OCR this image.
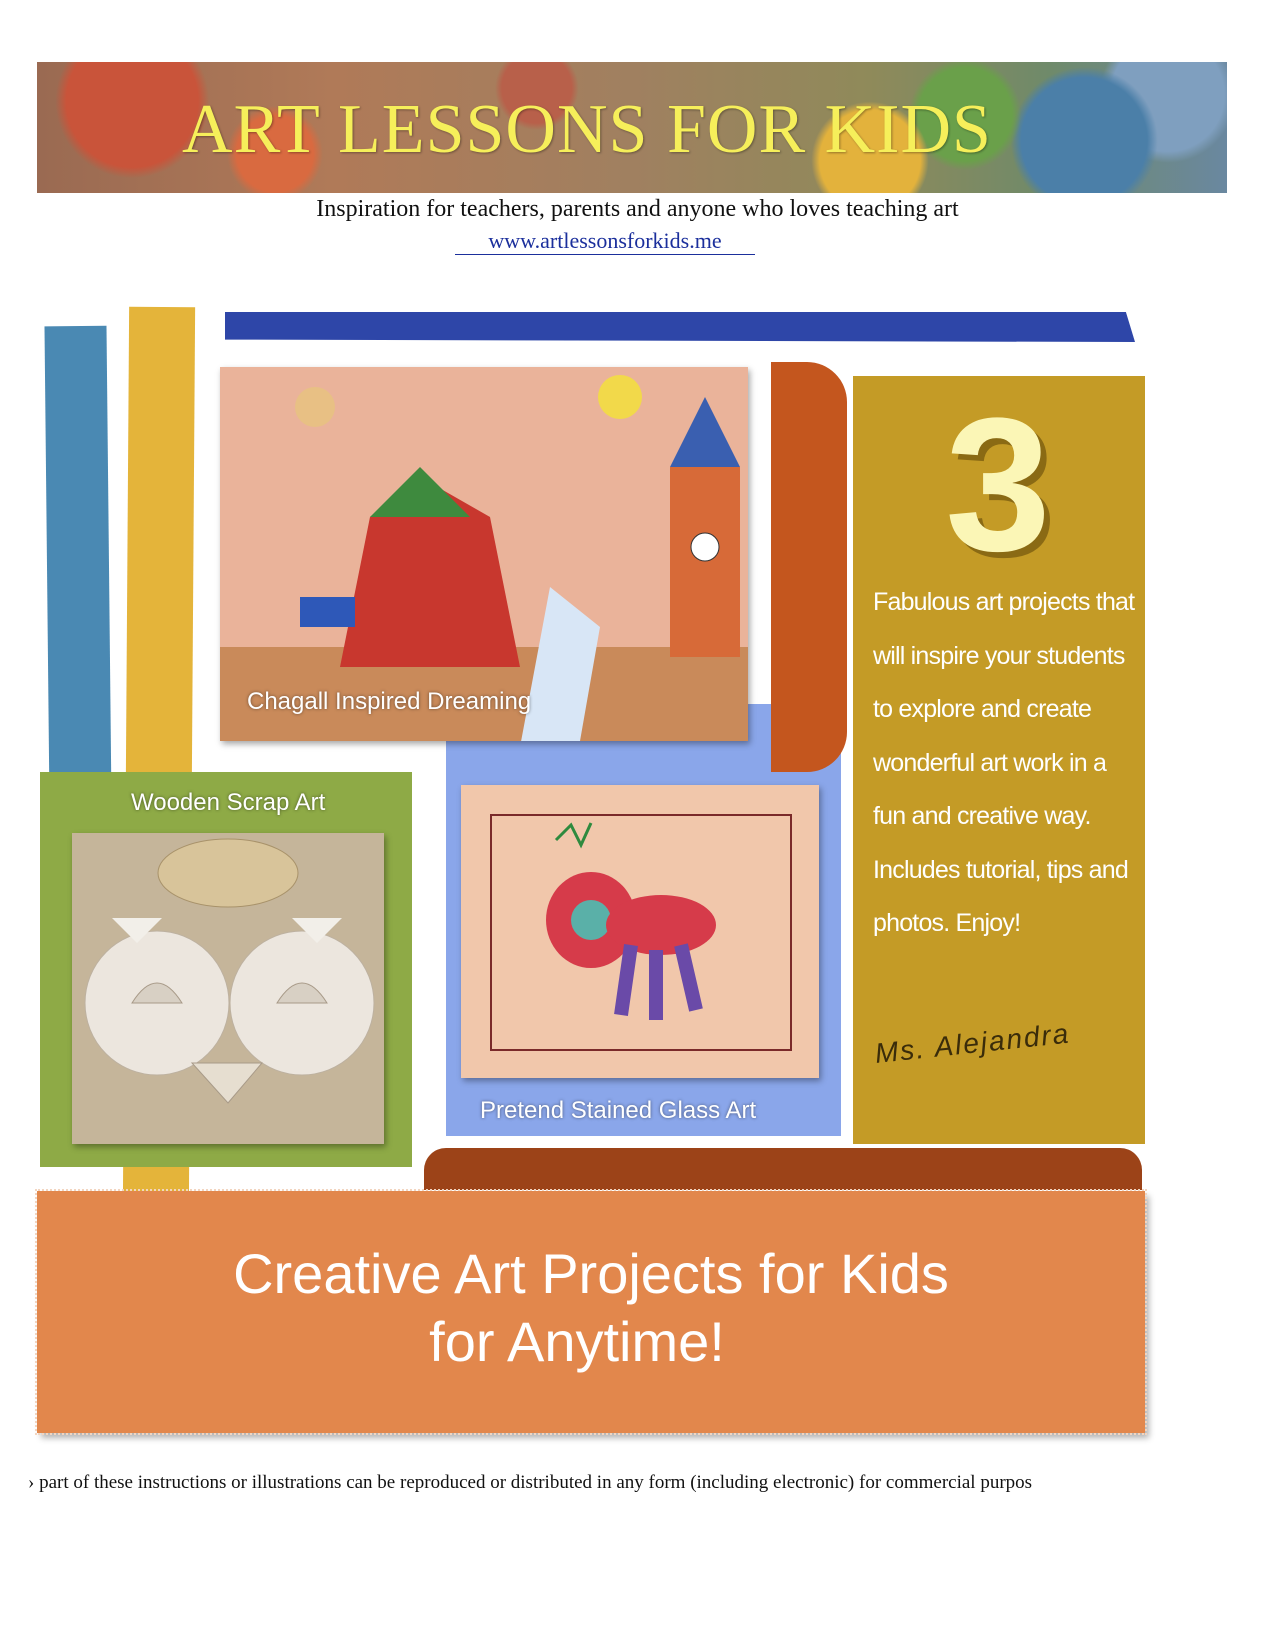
ART LESSONS FOR KIDS
Inspiration for teachers, parents and anyone who loves teaching art
www.artlessonsforkids.me
Chagall Inspired Dreaming
Wooden Scrap Art
Pretend Stained Glass Art
3
Fabulous art projects that will inspire your students to explore and create wonderful art work in a fun and creative way. Includes tutorial, tips and photos. Enjoy!
Ms. Alejandra
Creative Art Projects for Kids
for Anytime!
› part of these instructions or illustrations can be reproduced or distributed in any form (including electronic) for commercial purpos
